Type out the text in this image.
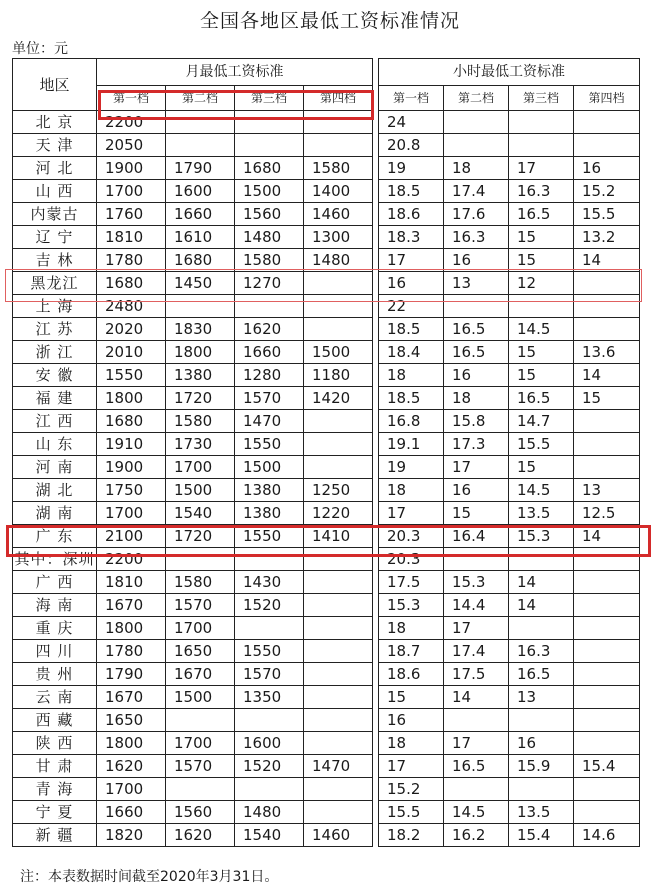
全国各地区最低工资标准情况
单位：元
地区	月最低工资标准					小时最低工资标准			
	第一档	第二档	第三档	第四档		第一档	第二档	第三档	第四档
北 京	2200					24			
天 津	2050					20.8			
河 北	1900	1790	1680	1580		19	18	17	16
山 西	1700	1600	1500	1400		18.5	17.4	16.3	15.2
内蒙古	1760	1660	1560	1460		18.6	17.6	16.5	15.5
辽 宁	1810	1610	1480	1300		18.3	16.3	15	13.2
吉 林	1780	1680	1580	1480		17	16	15	14
黑龙江	1680	1450	1270			16	13	12	
上 海	2480					22			
江 苏	2020	1830	1620			18.5	16.5	14.5	
浙 江	2010	1800	1660	1500		18.4	16.5	15	13.6
安 徽	1550	1380	1280	1180		18	16	15	14
福 建	1800	1720	1570	1420		18.5	18	16.5	15
江 西	1680	1580	1470			16.8	15.8	14.7	
山 东	1910	1730	1550			19.1	17.3	15.5	
河 南	1900	1700	1500			19	17	15	
湖 北	1750	1500	1380	1250		18	16	14.5	13
湖 南	1700	1540	1380	1220		17	15	13.5	12.5
广 东	2100	1720	1550	1410		20.3	16.4	15.3	14
其中：深圳	2200					20.3			
广 西	1810	1580	1430			17.5	15.3	14	
海 南	1670	1570	1520			15.3	14.4	14	
重 庆	1800	1700				18	17		
四 川	1780	1650	1550			18.7	17.4	16.3	
贵 州	1790	1670	1570			18.6	17.5	16.5	
云 南	1670	1500	1350			15	14	13	
西 藏	1650					16			
陕 西	1800	1700	1600			18	17	16	
甘 肃	1620	1570	1520	1470		17	16.5	15.9	15.4
青 海	1700					15.2			
宁 夏	1660	1560	1480			15.5	14.5	13.5	
新 疆	1820	1620	1540	1460		18.2	16.2	15.4	14.6
注：本表数据时间截至2020年3月31日。
